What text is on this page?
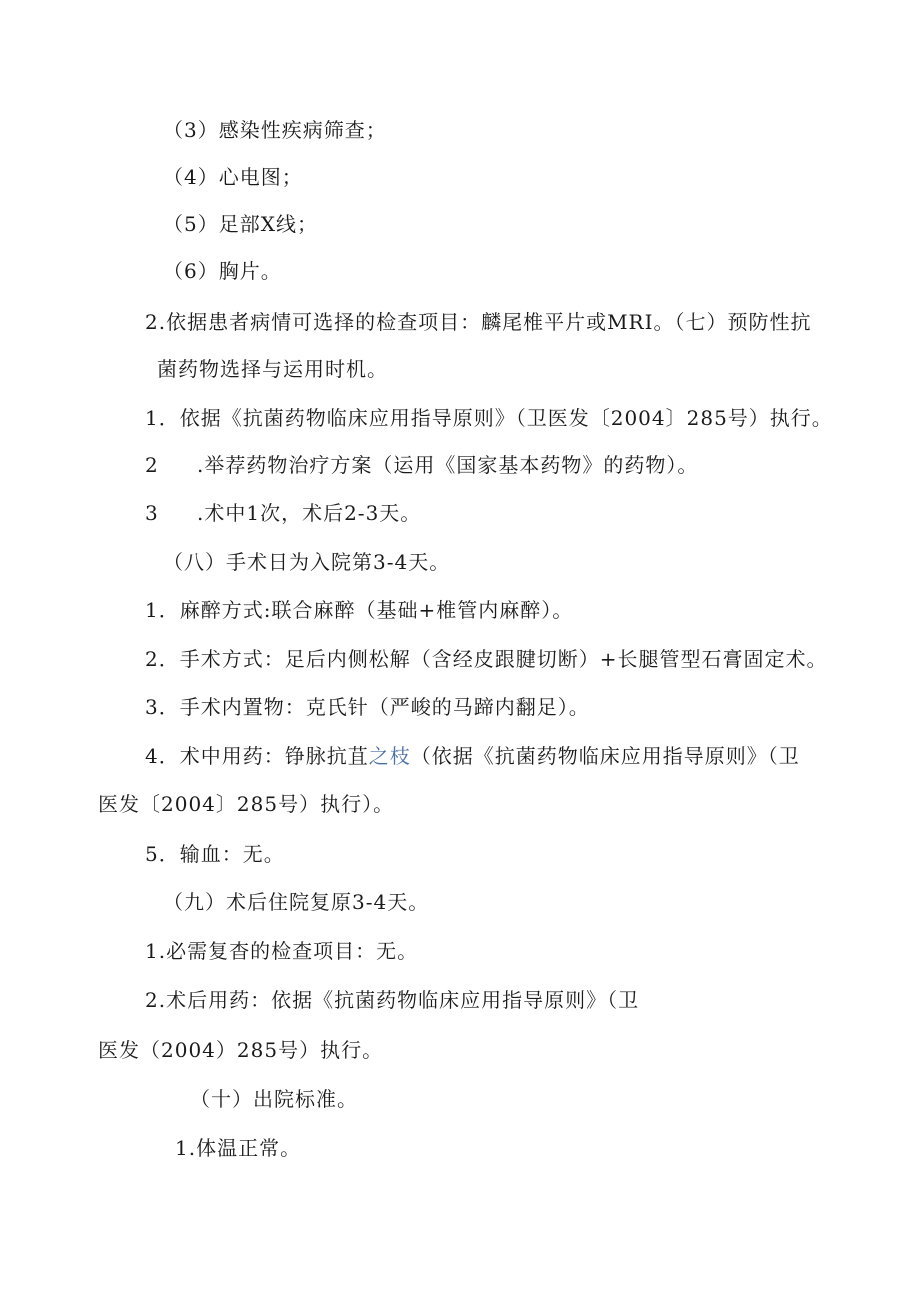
（3）感染性疾病筛查；
（4）心电图；
（5）足部X线；
（6）胸片。
2.依据患者病情可选择的检查项目：麟尾椎平片或MRI。（七）预防性抗
菌药物选择与运用时机。
1．依据《抗菌药物临床应用指导原则》（卫医发〔2004〕285号）执行。
2 .举荐药物治疗方案（运用《国家基本药物》的药物）。
3 .术中1次，术后2-3天。
（八）手术日为入院第3-4天。
1．麻醉方式:联合麻醉（基础+椎管内麻醉）。
2．手术方式：足后内侧松解（含经皮跟腱切断）+长腿管型石膏固定术。
3．手术内置物：克氏针（严峻的马蹄内翻足）。
4．术中用药：铮脉抗苴之枝（依据《抗菌药物临床应用指导原则》（卫
医发〔2004〕285号）执行）。
5．输血：无。
（九）术后住院复原3-4天。
1.必需复杳的检查项目：无。
2.术后用药：依据《抗菌药物临床应用指导原则》（卫
医发（2004）285号）执行。
（十）出院标准。
1.体温正常。
